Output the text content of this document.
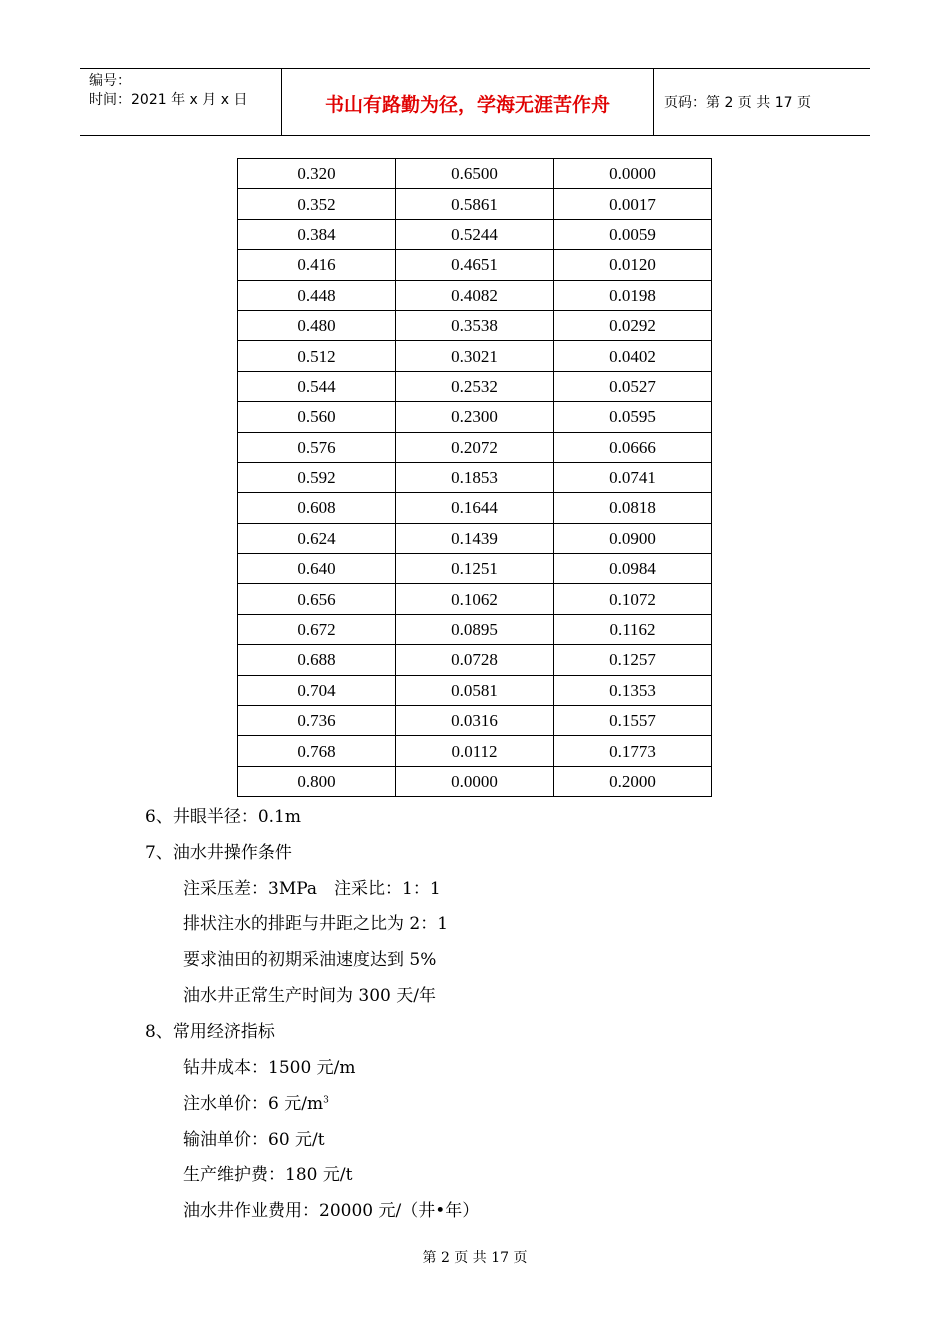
编号：
时间：2021 年 x 月 x 日	书山有路勤为径，学海无涯苦作舟	页码：第 2 页 共 17 页
0.320	0.6500	0.0000
0.352	0.5861	0.0017
0.384	0.5244	0.0059
0.416	0.4651	0.0120
0.448	0.4082	0.0198
0.480	0.3538	0.0292
0.512	0.3021	0.0402
0.544	0.2532	0.0527
0.560	0.2300	0.0595
0.576	0.2072	0.0666
0.592	0.1853	0.0741
0.608	0.1644	0.0818
0.624	0.1439	0.0900
0.640	0.1251	0.0984
0.656	0.1062	0.1072
0.672	0.0895	0.1162
0.688	0.0728	0.1257
0.704	0.0581	0.1353
0.736	0.0316	0.1557
0.768	0.0112	0.1773
0.800	0.0000	0.2000
6、井眼半径：0.1m
7、油水井操作条件
注采压差：3MPa　注采比：1：1
排状注水的排距与井距之比为 2：1
要求油田的初期采油速度达到 5%
油水井正常生产时间为 300 天/年
8、常用经济指标
钻井成本：1500 元/m
注水单价：6 元$/m^3$
输油单价：60 元/t
生产维护费：180 元/t
油水井作业费用：20000 元/（井•年）
第 2 页 共 17 页
